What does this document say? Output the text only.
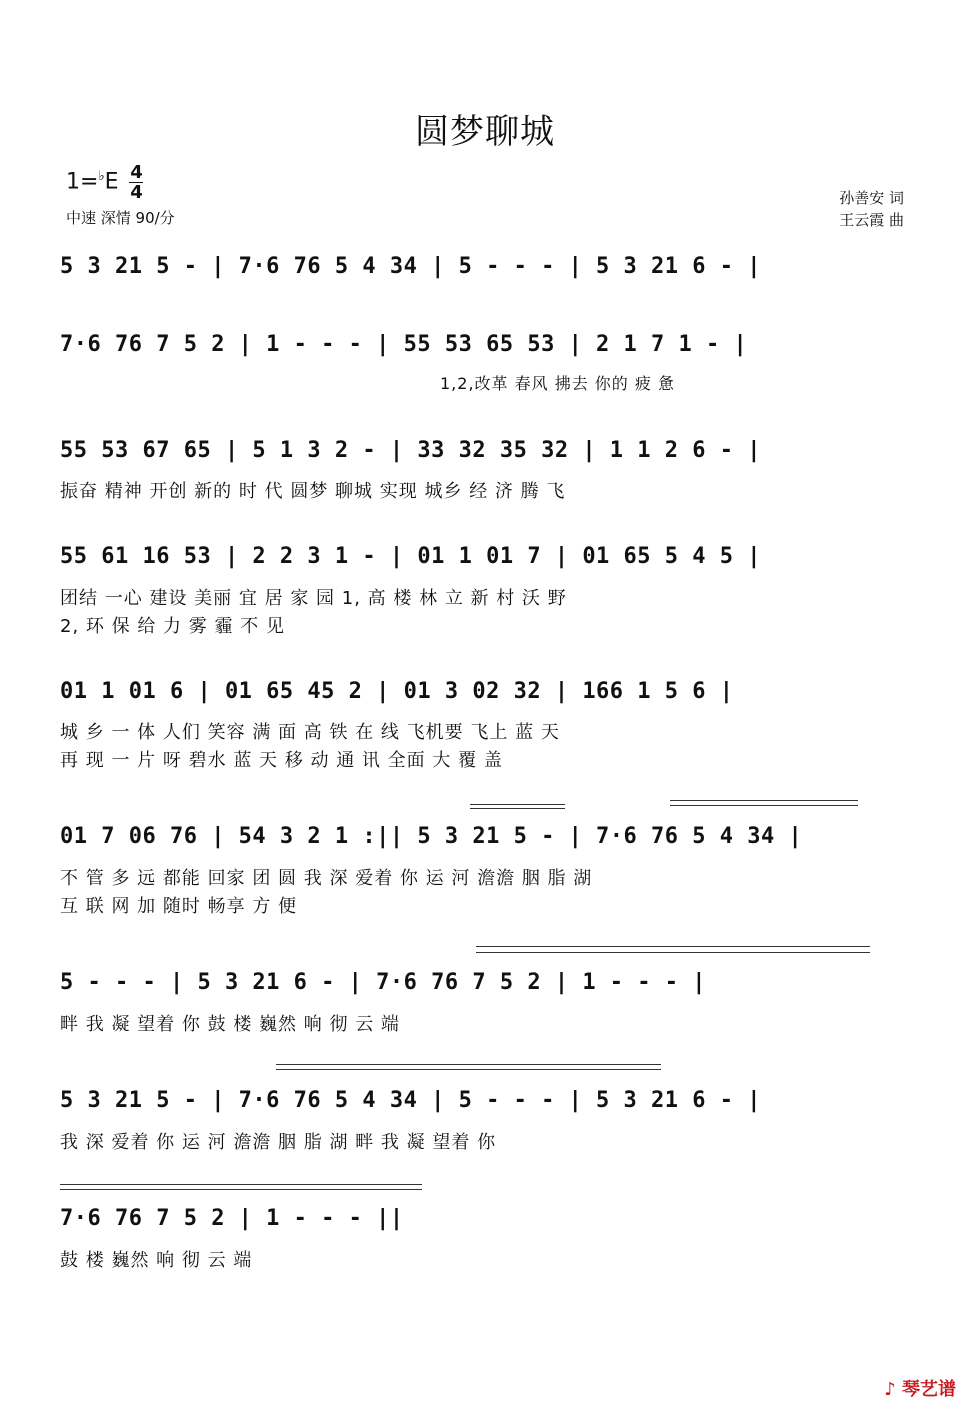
圆梦聊城
$1=^♭E \frac{4}{4}$
中速 深情 90/分
孙善安 词
王云霞 曲
5 3 21 5 - | 7·6 76 5 4 34 | 5 - - - | 5 3 21 6 - |
7·6 76 7 5 2 | 1 - - - | 55 53 65 53 | 2 1 7 1 - |
1,2,改革 春风 拂去 你的 疲 惫
55 53 67 65 | 5 1 3 2 - | 33 32 35 32 | 1 1 2 6 - |
振奋 精神 开创 新的 时 代 圆梦 聊城 实现 城乡 经 济 腾 飞
55 61 16 53 | 2 2 3 1 - | 01 1 01 7 | 01 65 5 4 5 |
团结 一心 建设 美丽 宜 居 家 园 1, 高 楼 林 立 新 村 沃 野
2, 环 保 给 力 雾 霾 不 见
01 1 01 6 | 01 65 45 2 | 01 3 02 32 | 166 1 5 6 |
城 乡 一 体 人们 笑容 满 面 高 铁 在 线 飞机要 飞上 蓝 天
再 现 一 片 呀 碧水 蓝 天 移 动 通 讯 全面 大 覆 盖
01 7 06 76 | 54 3 2 1 :|| 5 3 21 5 - | 7·6 76 5 4 34 |
不 管 多 远 都能 回家 团 圆 我 深 爱着 你 运 河 澹澹 胭 脂 湖
互 联 网 加 随时 畅享 方 便
5 - - - | 5 3 21 6 - | 7·6 76 7 5 2 | 1 - - - |
畔 我 凝 望着 你 鼓 楼 巍然 响 彻 云 端
5 3 21 5 - | 7·6 76 5 4 34 | 5 - - - | 5 3 21 6 - |
我 深 爱着 你 运 河 澹澹 胭 脂 湖 畔 我 凝 望着 你
7·6 76 7 5 2 | 1 - - - ||
鼓 楼 巍然 响 彻 云 端
♪ 琴艺谱
